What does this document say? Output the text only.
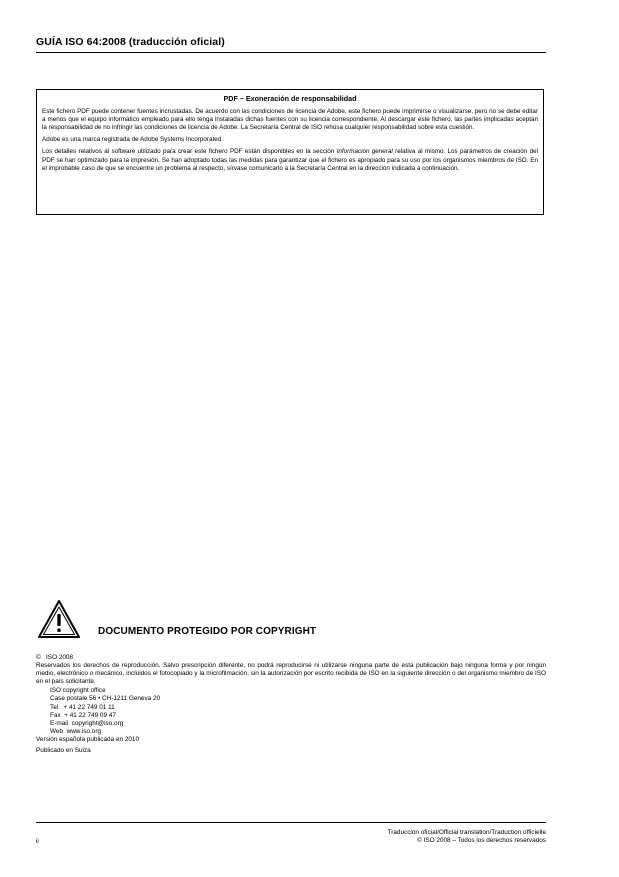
GUÍA ISO 64:2008 (traducción oficial)
PDF – Exoneración de responsabilidad

Este fichero PDF puede contener fuentes incrustadas. De acuerdo con las condiciones de licencia de Adobe, este fichero puede imprimirse o visualizarse, pero no se debe editar a menos que el equipo informático empleado para ello tenga instaladas dichas fuentes con su licencia correspondiente. Al descargar este fichero, las partes implicadas aceptan la responsabilidad de no infringir las condiciones de licencia de Adobe. La Secretaría Central de ISO rehúsa cualquier responsabilidad sobre esta cuestión.

Adobe es una marca registrada de Adobe Systems Incorporated.

Los detalles relativos al software utilizado para crear este fichero PDF están disponibles en la sección Información general relativa al mismo. Los parámetros de creación del PDF se han optimizado para la impresión. Se han adoptado todas las medidas para garantizar que el fichero es apropiado para su uso por los organismos miembros de ISO. En el improbable caso de que se encuentre un problema al respecto, sírvase comunicarlo a la Secretaría Central en la dirección indicada a continuación.

DOCUMENTO PROTEGIDO POR COPYRIGHT

©   ISO 2008

Reservados los derechos de reproducción. Salvo prescripción diferente, no podrá reproducirse ni utilizarse ninguna parte de esta publicación bajo ninguna forma y por ningún medio, electrónico o mecánico, incluidos el fotocopiado y la microfilmación, sin la autorización por escrito recibida de ISO en la siguiente dirección o del organismo miembro de ISO en el país solicitante.

ISO copyright office
Case postale 56 • CH-1211 Geneva 20
Tel.  + 41 22 749 01 11
Fax  + 41 22 749 09 47
E-mail  copyright@iso.org
Web  www.iso.org

Versión española publicada en 2010

Publicado en Suiza

Traducción oficial/Official translation/Traduction officielle
© ISO 2008 – Todos los derechos reservados
ii
